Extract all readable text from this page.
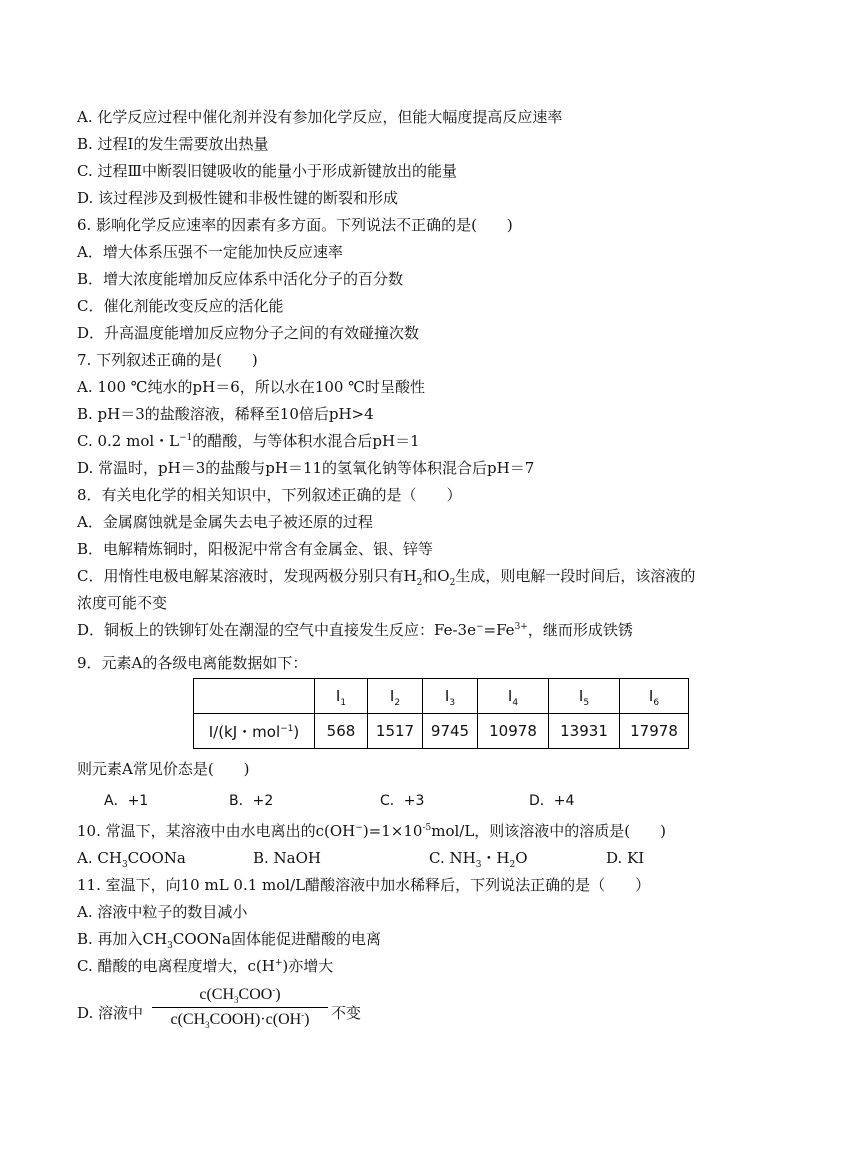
A. 化学反应过程中催化剂并没有参加化学反应，但能大幅度提高反应速率
B. 过程Ⅰ的发生需要放出热量
C. 过程Ⅲ中断裂旧键吸收的能量小于形成新键放出的能量
D. 该过程涉及到极性键和非极性键的断裂和形成
6. 影响化学反应速率的因素有多方面。下列说法不正确的是(　　)
A．增大体系压强不一定能加快反应速率
B．增大浓度能增加反应体系中活化分子的百分数
C．催化剂能改变反应的活化能
D．升高温度能增加反应物分子之间的有效碰撞次数
7. 下列叙述正确的是(　　)
A. 100 ℃纯水的pH＝6，所以水在100 ℃时呈酸性
B. pH＝3的盐酸溶液，稀释至10倍后pH>4
C. 0.2 mol・$L^{-1}$的醋酸，与等体积水混合后pH＝1
D. 常温时，pH＝3的盐酸与pH＝11的氢氧化钠等体积混合后pH＝7
8．有关电化学的相关知识中，下列叙述正确的是（　　）
A．金属腐蚀就是金属失去电子被还原的过程
B．电解精炼铜时，阳极泥中常含有金属金、银、锌等
C．用惰性电极电解某溶液时，发现两极分别只有$H_2$和$O_2$生成，则电解一段时间后，该溶液的
浓度可能不变
D．铜板上的铁铆钉处在潮湿的空气中直接发生反应：$Fe-3e^-=Fe^{3+}$，继而形成铁锈
9．元素A的各级电离能数据如下：
	$I_1$	$I_2$	$I_3$	$I_4$	$I_5$	$I_6$
I/(kJ・mol$^{-1}$)	568	1517	9745	10978	13931	17978
则元素A常见价态是(　　)
A．+1	B．+2	C．+3	D．+4
10. 常温下，某溶液中由水电离出的$c(OH^-)=1\times 10^{-5}mol/L$，则该溶液中的溶质是(　　)
A. $CH_3COONa$	B. NaOH	C. $NH_3$・$H_2O$	D. KI
11. 室温下，向10 mL 0.1 mol/L醋酸溶液中加水稀释后，下列说法正确的是（　　）
A. 溶液中粒子的数目减小
B. 再加入$CH_3COONa$固体能促进醋酸的电离
C. 醋酸的电离程度增大，c(H+)亦增大
D. 溶液中
$c(CH_3COO^-)$
$c(CH_3COOH)\cdot c(OH^-)$	不变
